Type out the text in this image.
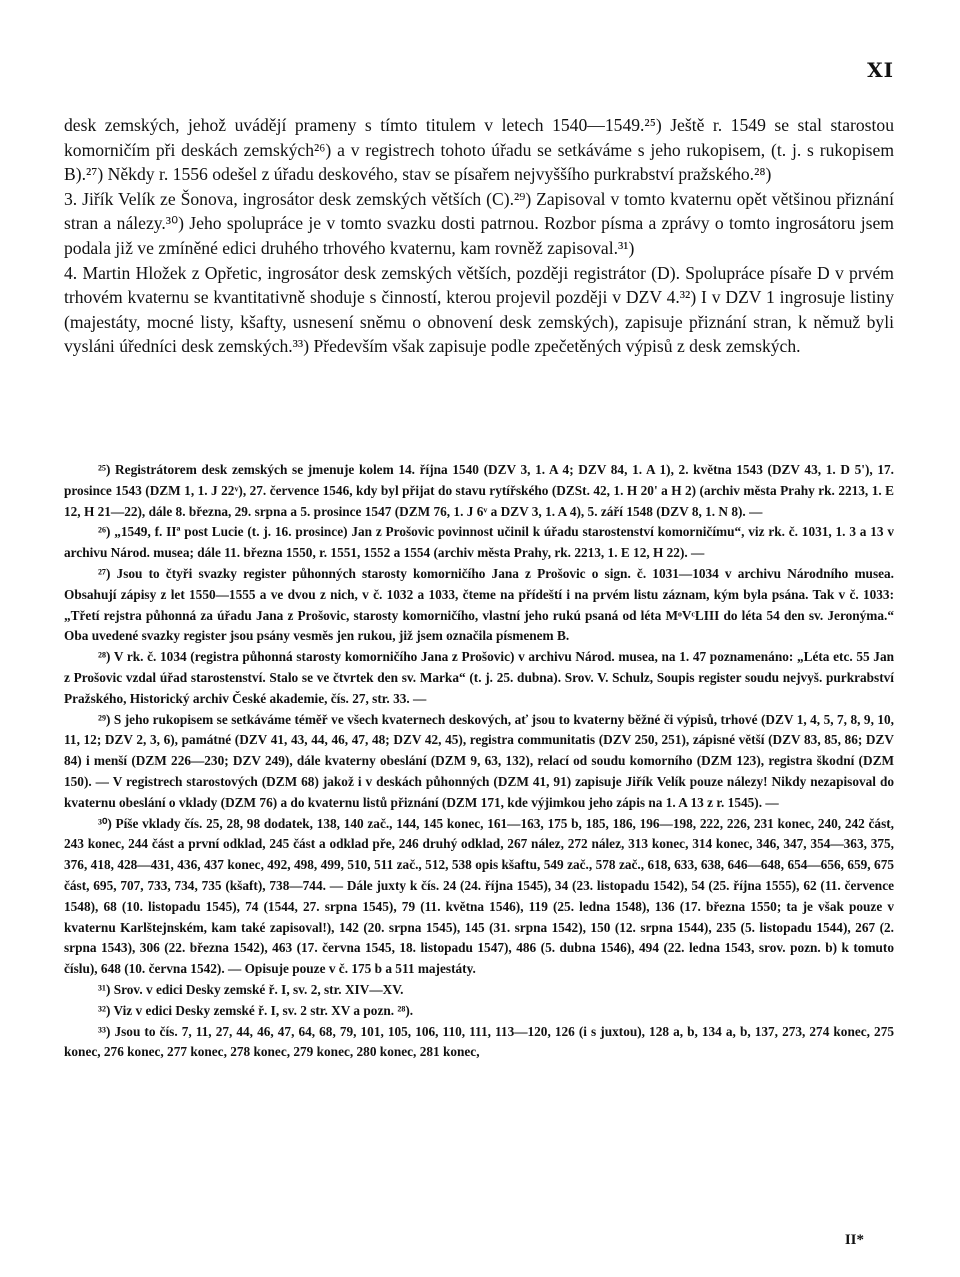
XI

desk zemských, jehož uvádějí prameny s tímto titulem v letech 1540—1549.²⁵) Ještě r. 1549 se stal starostou komorničím při deskách zemských²⁶) a v registrech tohoto úřadu se setkáváme s jeho rukopisem, (t. j. s rukopisem B).²⁷) Někdy r. 1556 odešel z úřadu deskového, stav se písařem nejvyššího purkrabství pražského.²⁸)

3. Jiřík Velík ze Šonova, ingrosátor desk zemských větších (C).²⁹) Zapisoval v tomto kvaternu opět většinou přiznání stran a nálezy.³⁰) Jeho spolupráce je v tomto svazku dosti patrnou. Rozbor písma a zprávy o tomto ingrosátoru jsem podala již ve zmíněné edici druhého trhového kvaternu, kam rovněž zapisoval.³¹)

4. Martin Hložek z Opřetic, ingrosátor desk zemských větších, později registrátor (D). Spolupráce písaře D v prvém trhovém kvaternu se kvantitativně shoduje s činností, kterou projevil později v DZV 4.³²) I v DZV 1 ingrosuje listiny (majestáty, mocné listy, kšafty, usnesení sněmu o obnovení desk zemských), zapisuje přiznání stran, k němuž byli vysláni úředníci desk zemských.³³) Především však zapisuje podle zpečetěných výpisů z desk zemských.

²⁵) Registrátorem desk zemských se jmenuje kolem 14. října 1540 (DZV 3, 1. A 4; DZV 84, 1. A 1), 2. května 1543 (DZV 43, 1. D 5'), 17. prosince 1543 (DZM 1, 1. J 22ᵛ), 27. července 1546, kdy byl přijat do stavu rytířského (DZSt. 42, 1. H 20' a H 2) (archiv města Prahy rk. 2213, 1. E 12, H 21—22), dále 8. března, 29. srpna a 5. prosince 1547 (DZM 76, 1. J 6ᵛ a DZV 3, 1. A 4), 5. září 1548 (DZV 8, 1. N 8). —

²⁶) „1549, f. IIª post Lucie (t. j. 16. prosince) Jan z Prošovic povinnost učinil k úřadu starostenství komorničímu“, viz rk. č. 1031, 1. 3 a 13 v archivu Národ. musea; dále 11. března 1550, r. 1551, 1552 a 1554 (archiv města Prahy, rk. 2213, 1. E 12, H 22). —

²⁷) Jsou to čtyři svazky register půhonných starosty komorničího Jana z Prošovic o sign. č. 1031—1034 v archivu Národního musea. Obsahují zápisy z let 1550—1555 a ve dvou z nich, v č. 1032 a 1033, čteme na přídeští i na prvém listu záznam, kým byla psána. Tak v č. 1033: „Třetí rejstra půhonná za úřadu Jana z Prošovic, starosty komorničího, vlastní jeho rukú psaná od léta MᵒVᶜLIII do léta 54 den sv. Jeronýma.“ Oba uvedené svazky register jsou psány vesměs jen rukou, již jsem označila písmenem B.

²⁸) V rk. č. 1034 (registra půhonná starosty komorničího Jana z Prošovic) v archivu Národ. musea, na 1. 47 poznamenáno: „Léta etc. 55 Jan z Prošovic vzdal úřad starostenství. Stalo se ve čtvrtek den sv. Marka“ (t. j. 25. dubna). Srov. V. Schulz, Soupis register soudu nejvyš. purkrabství Pražského, Historický archiv České akademie, čís. 27, str. 33. —

²⁹) S jeho rukopisem se setkáváme téměř ve všech kvaternech deskových, ať jsou to kvaterny běžné či výpisů, trhové (DZV 1, 4, 5, 7, 8, 9, 10, 11, 12; DZV 2, 3, 6), památné (DZV 41, 43, 44, 46, 47, 48; DZV 42, 45), registra communitatis (DZV 250, 251), zápisné větší (DZV 83, 85, 86; DZV 84) i menší (DZM 226—230; DZV 249), dále kvaterny obeslání (DZM 9, 63, 132), relací od soudu komorního (DZM 123), registra škodní (DZM 150). — V registrech starostových (DZM 68) jakož i v deskách půhonných (DZM 41, 91) zapisuje Jiřík Velík pouze nálezy! Nikdy nezapisoval do kvaternu obeslání o vklady (DZM 76) a do kvaternu listů přiznání (DZM 171, kde výjimkou jeho zápis na 1. A 13 z r. 1545). —

³⁰) Píše vklady čís. 25, 28, 98 dodatek, 138, 140 zač., 144, 145 konec, 161—163, 175 b, 185, 186, 196—198, 222, 226, 231 konec, 240, 242 část, 243 konec, 244 část a první odklad, 245 část a odklad pře, 246 druhý odklad, 267 nález, 272 nález, 313 konec, 314 konec, 346, 347, 354—363, 375, 376, 418, 428—431, 436, 437 konec, 492, 498, 499, 510, 511 zač., 512, 538 opis kšaftu, 549 zač., 578 zač., 618, 633, 638, 646—648, 654—656, 659, 675 část, 695, 707, 733, 734, 735 (kšaft), 738—744. — Dále juxty k čís. 24 (24. října 1545), 34 (23. listopadu 1542), 54 (25. října 1555), 62 (11. července 1548), 68 (10. listopadu 1545), 74 (1544, 27. srpna 1545), 79 (11. května 1546), 119 (25. ledna 1548), 136 (17. března 1550; ta je však pouze v kvaternu Karlštejnském, kam také zapisoval!), 142 (20. srpna 1545), 145 (31. srpna 1542), 150 (12. srpna 1544), 235 (5. listopadu 1544), 267 (2. srpna 1543), 306 (22. března 1542), 463 (17. června 1545, 18. listopadu 1547), 486 (5. dubna 1546), 494 (22. ledna 1543, srov. pozn. b) k tomuto číslu), 648 (10. června 1542). — Opisuje pouze v č. 175 b a 511 majestáty.

³¹) Srov. v edici Desky zemské ř. I, sv. 2, str. XIV—XV.

³²) Viz v edici Desky zemské ř. I, sv. 2 str. XV a pozn. ²⁸).

³³) Jsou to čís. 7, 11, 27, 44, 46, 47, 64, 68, 79, 101, 105, 106, 110, 111, 113—120, 126 (i s juxtou), 128 a, b, 134 a, b, 137, 273, 274 konec, 275 konec, 276 konec, 277 konec, 278 konec, 279 konec, 280 konec, 281 konec,

II*
